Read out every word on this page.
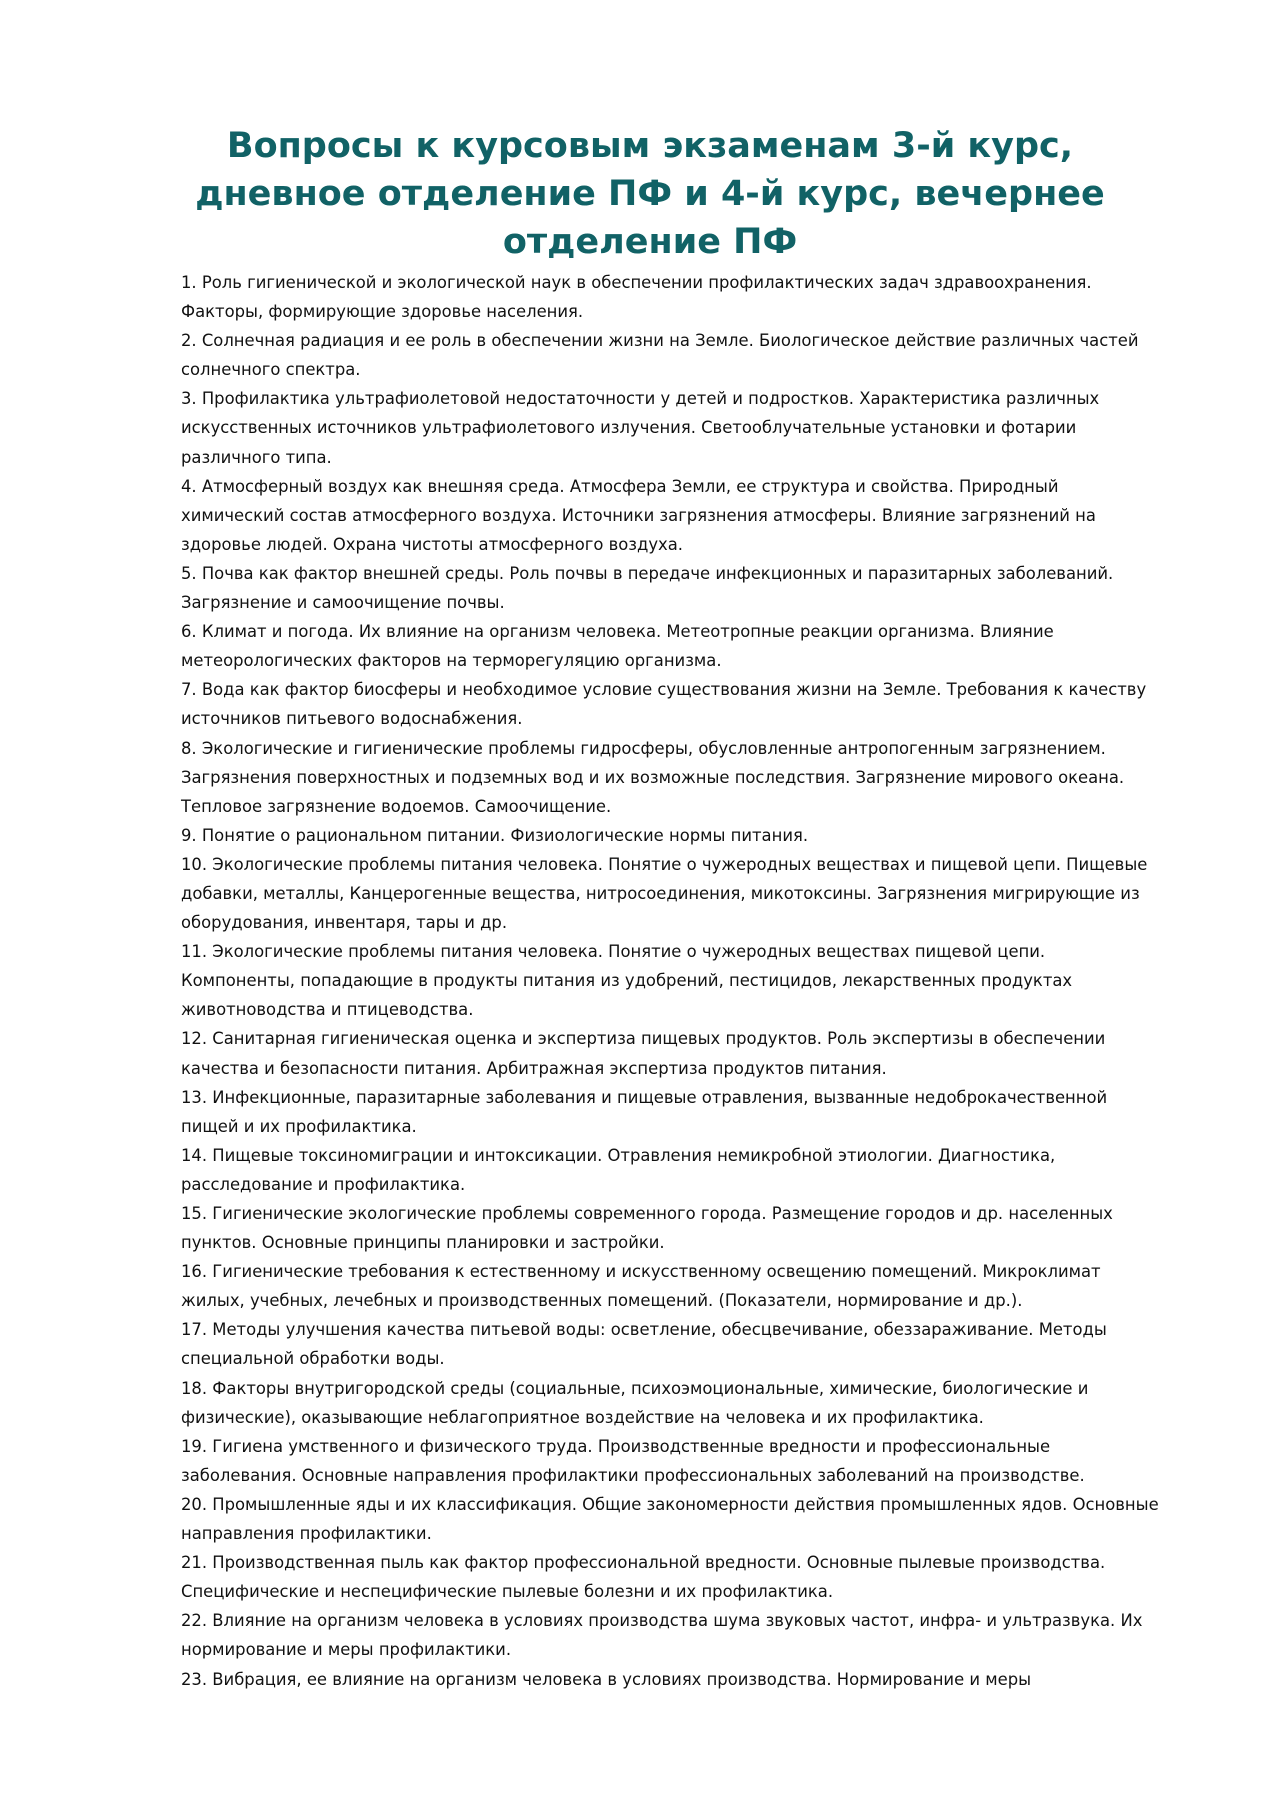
Вопросы к курсовым экзаменам 3-й курс,
дневное отделение ПФ и 4-й курс, вечернее
отделение ПФ
1. Роль гигиенической и экологической наук в обеспечении профилактических задач здравоохранения.
Факторы, формирующие здоровье населения.
2. Солнечная радиация и ее роль в обеспечении жизни на Земле. Биологическое действие различных частей
солнечного спектра.
3. Профилактика ультрафиолетовой недостаточности у детей и подростков. Характеристика различных
искусственных источников ультрафиолетового излучения. Светооблучательные установки и фотарии
различного типа.
4. Атмосферный воздух как внешняя среда. Атмосфера Земли, ее структура и свойства. Природный
химический состав атмосферного воздуха. Источники загрязнения атмосферы. Влияние загрязнений на
здоровье людей. Охрана чистоты атмосферного воздуха.
5. Почва как фактор внешней среды. Роль почвы в передаче инфекционных и паразитарных заболеваний.
Загрязнение и самоочищение почвы.
6. Климат и погода. Их влияние на организм человека. Метеотропные реакции организма. Влияние
метеорологических факторов на терморегуляцию организма.
7. Вода как фактор биосферы и необходимое условие существования жизни на Земле. Требования к качеству
источников питьевого водоснабжения.
8. Экологические и гигиенические проблемы гидросферы, обусловленные антропогенным загрязнением.
Загрязнения поверхностных и подземных вод и их возможные последствия. Загрязнение мирового океана.
Тепловое загрязнение водоемов. Самоочищение.
9. Понятие о рациональном питании. Физиологические нормы питания.
10. Экологические проблемы питания человека. Понятие о чужеродных веществах и пищевой цепи. Пищевые
добавки, металлы, Канцерогенные вещества, нитросоединения, микотоксины. Загрязнения мигрирующие из
оборудования, инвентаря, тары и др.
11. Экологические проблемы питания человека. Понятие о чужеродных веществах пищевой цепи.
Компоненты, попадающие в продукты питания из удобрений, пестицидов, лекарственных продуктах
животноводства и птицеводства.
12. Санитарная гигиеническая оценка и экспертиза пищевых продуктов. Роль экспертизы в обеспечении
качества и безопасности питания. Арбитражная экспертиза продуктов питания.
13. Инфекционные, паразитарные заболевания и пищевые отравления, вызванные недоброкачественной
пищей и их профилактика.
14. Пищевые токсиномиграции и интоксикации. Отравления немикробной этиологии. Диагностика,
расследование и профилактика.
15. Гигиенические экологические проблемы современного города. Размещение городов и др. населенных
пунктов. Основные принципы планировки и застройки.
16. Гигиенические требования к естественному и искусственному освещению помещений. Микроклимат
жилых, учебных, лечебных и производственных помещений. (Показатели, нормирование и др.).
17. Методы улучшения качества питьевой воды: осветление, обесцвечивание, обеззараживание. Методы
специальной обработки воды.
18. Факторы внутригородской среды (социальные, психоэмоциональные, химические, биологические и
физические), оказывающие неблагоприятное воздействие на человека и их профилактика.
19. Гигиена умственного и физического труда. Производственные вредности и профессиональные
заболевания. Основные направления профилактики профессиональных заболеваний на производстве.
20. Промышленные яды и их классификация. Общие закономерности действия промышленных ядов. Основные
направления профилактики.
21. Производственная пыль как фактор профессиональной вредности. Основные пылевые производства.
Специфические и неспецифические пылевые болезни и их профилактика.
22. Влияние на организм человека в условиях производства шума звуковых частот, инфра- и ультразвука. Их
нормирование и меры профилактики.
23. Вибрация, ее влияние на организм человека в условиях производства. Нормирование и меры
